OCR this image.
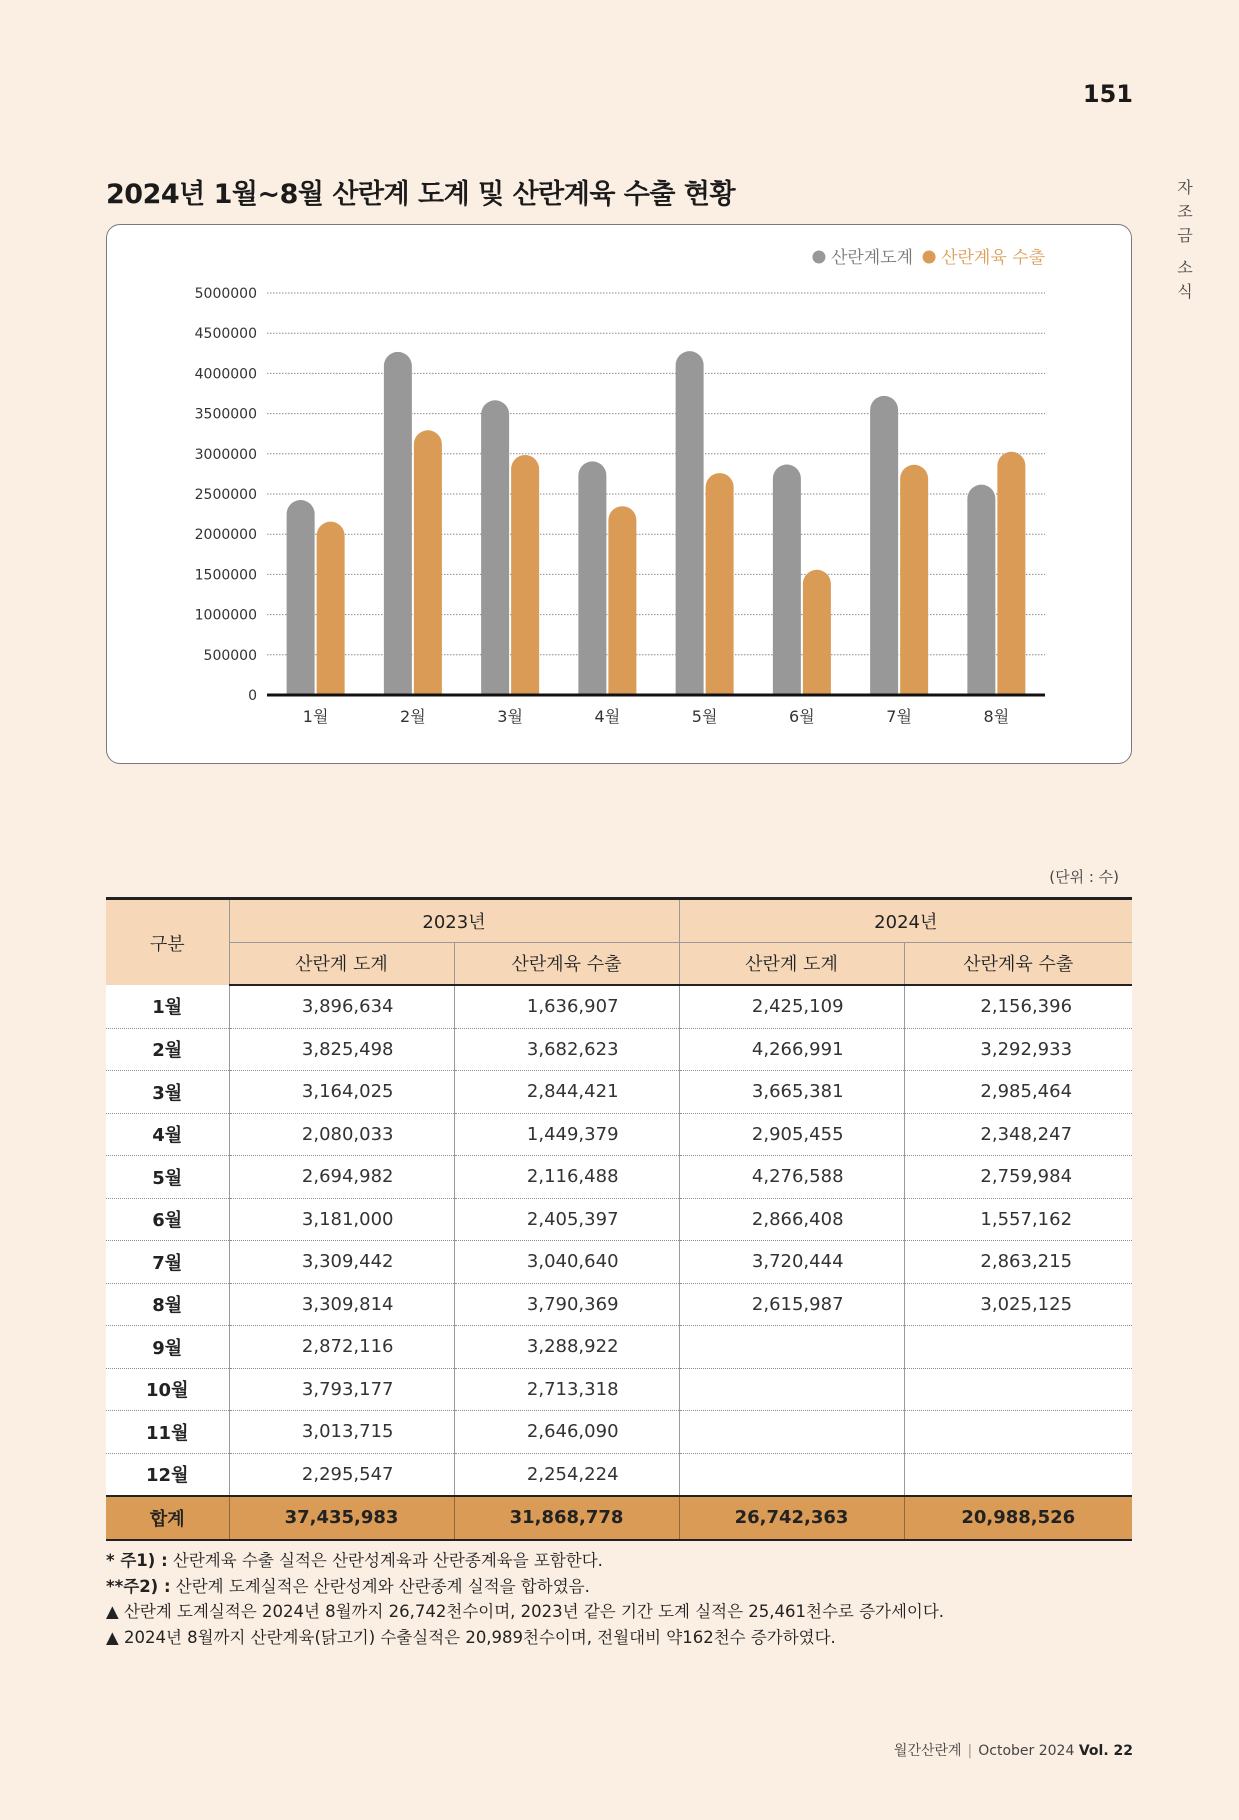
151
자
조
금
소
식
2024년 1월~8월 산란계 도계 및 산란계육 수출 현황
0
500000
1000000
1500000
2000000
2500000
3000000
3500000
4000000
4500000
5000000
1월	2월	3월	4월	5월	6월	7월	8월
산란계육 수출
산란계도계
(단위 : 수)
구분	2023년		2024년	
	산란계 도계	산란계육 수출	산란계 도계	산란계육 수출
1월	3,896,634	1,636,907	2,425,109	2,156,396
2월	3,825,498	3,682,623	4,266,991	3,292,933
3월	3,164,025	2,844,421	3,665,381	2,985,464
4월	2,080,033	1,449,379	2,905,455	2,348,247
5월	2,694,982	2,116,488	4,276,588	2,759,984
6월	3,181,000	2,405,397	2,866,408	1,557,162
7월	3,309,442	3,040,640	3,720,444	2,863,215
8월	3,309,814	3,790,369	2,615,987	3,025,125
9월	2,872,116	3,288,922		
10월	3,793,177	2,713,318		
11월	3,013,715	2,646,090		
12월	2,295,547	2,254,224		
합계	37,435,983	31,868,778	26,742,363	20,988,526
* 주1) : 산란계육 수출 실적은 산란성계육과 산란종계육을 포함한다.
**주2) : 산란계 도계실적은 산란성계와 산란종계 실적을 합하였음.
▲ 산란계 도계실적은 2024년 8월까지 26,742천수이며, 2023년 같은 기간 도계 실적은 25,461천수로 증가세이다.
▲ 2024년 8월까지 산란계육(닭고기) 수출실적은 20,989천수이며, 전월대비 약162천수 증가하였다.
월간산란계 | October 2024 Vol. 22
